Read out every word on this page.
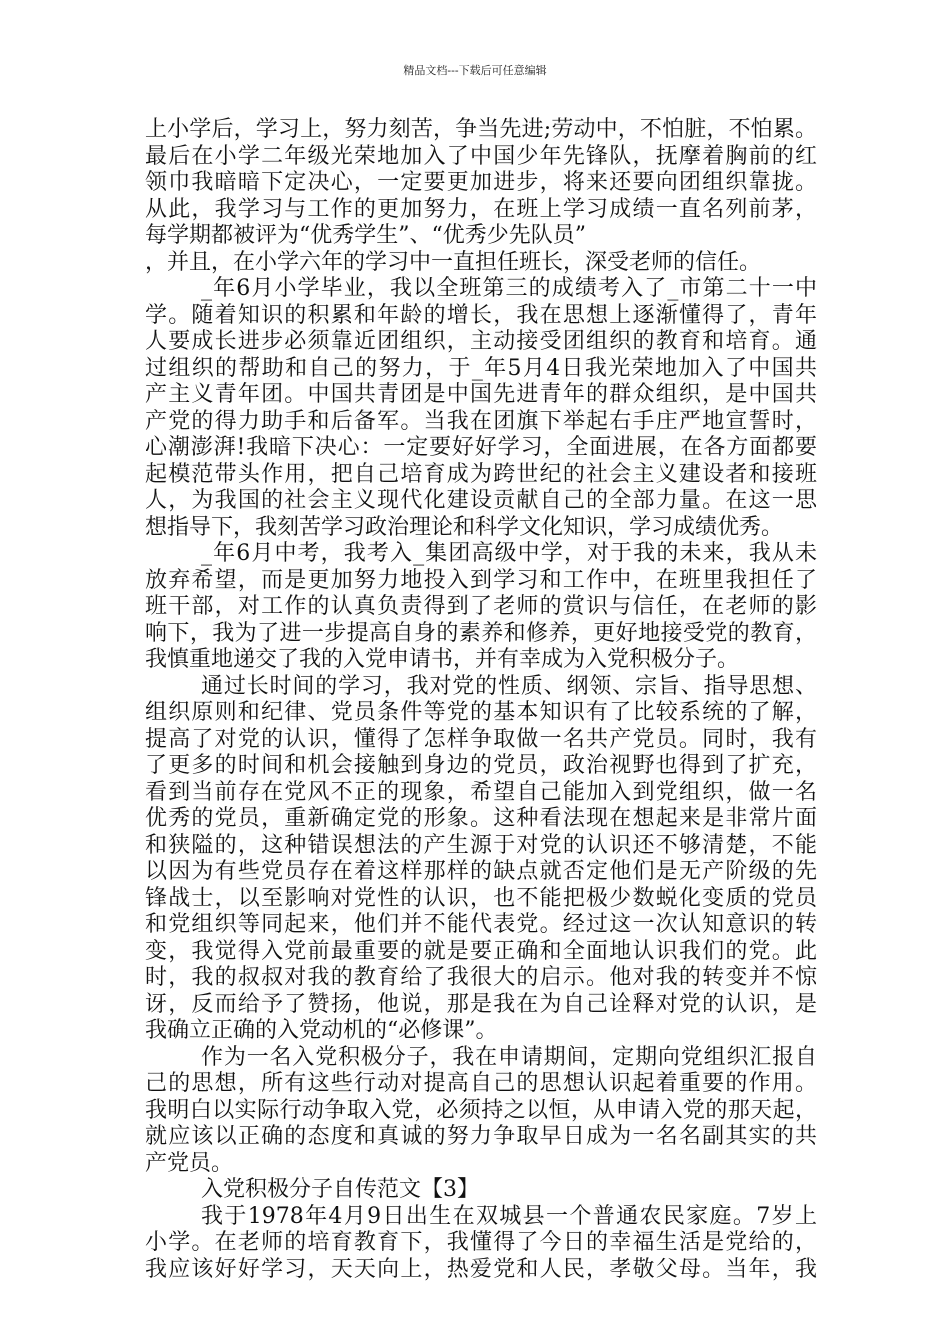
精品文档---下载后可任意编辑
上小学后，学习上，努力刻苦，争当先进;劳动中，不怕脏，不怕累。
最后在小学二年级光荣地加入了中国少年先锋队，抚摩着胸前的红
领巾我暗暗下定决心，一定要更加进步，将来还要向团组织靠拢。
从此，我学习与工作的更加努力，在班上学习成绩一直名列前茅，
每学期都被评为“优秀学生”、“优秀少先队员”
，并且，在小学六年的学习中一直担任班长，深受老师的信任。
_年6月小学毕业，我以全班第三的成绩考入了_市第二十一中
学。随着知识的积累和年龄的增长，我在思想上逐渐懂得了，青年
人要成长进步必须靠近团组织，主动接受团组织的教育和培育。通
过组织的帮助和自己的努力，于_年5月4日我光荣地加入了中国共
产主义青年团。中国共青团是中国先进青年的群众组织，是中国共
产党的得力助手和后备军。当我在团旗下举起右手庄严地宣誓时，
心潮澎湃!我暗下决心：一定要好好学习，全面进展，在各方面都要
起模范带头作用，把自己培育成为跨世纪的社会主义建设者和接班
人，为我国的社会主义现代化建设贡献自己的全部力量。在这一思
想指导下，我刻苦学习政治理论和科学文化知识，学习成绩优秀。
_年6月中考，我考入_集团高级中学，对于我的未来，我从未
放弃希望，而是更加努力地投入到学习和工作中，在班里我担任了
班干部，对工作的认真负责得到了老师的赏识与信任，在老师的影
响下，我为了进一步提高自身的素养和修养，更好地接受党的教育，
我慎重地递交了我的入党申请书，并有幸成为入党积极分子。
通过长时间的学习，我对党的性质、纲领、宗旨、指导思想、
组织原则和纪律、党员条件等党的基本知识有了比较系统的了解，
提高了对党的认识，懂得了怎样争取做一名共产党员。同时，我有
了更多的时间和机会接触到身边的党员，政治视野也得到了扩充，
看到当前存在党风不正的现象，希望自己能加入到党组织，做一名
优秀的党员，重新确定党的形象。这种看法现在想起来是非常片面
和狭隘的，这种错误想法的产生源于对党的认识还不够清楚，不能
以因为有些党员存在着这样那样的缺点就否定他们是无产阶级的先
锋战士，以至影响对党性的认识，也不能把极少数蜕化变质的党员
和党组织等同起来，他们并不能代表党。经过这一次认知意识的转
变，我觉得入党前最重要的就是要正确和全面地认识我们的党。此
时，我的叔叔对我的教育给了我很大的启示。他对我的转变并不惊
讶，反而给予了赞扬，他说，那是我在为自己诠释对党的认识，是
我确立正确的入党动机的“必修课”。
作为一名入党积极分子，我在申请期间，定期向党组织汇报自
己的思想，所有这些行动对提高自己的思想认识起着重要的作用。
我明白以实际行动争取入党，必须持之以恒，从申请入党的那天起，
就应该以正确的态度和真诚的努力争取早日成为一名名副其实的共
产党员。
入党积极分子自传范文【3】
我于1978年4月9日出生在双城县一个普通农民家庭。7岁上
小学。在老师的培育教育下，我懂得了今日的幸福生活是党给的，
我应该好好学习，天天向上，热爱党和人民，孝敬父母。当年，我
